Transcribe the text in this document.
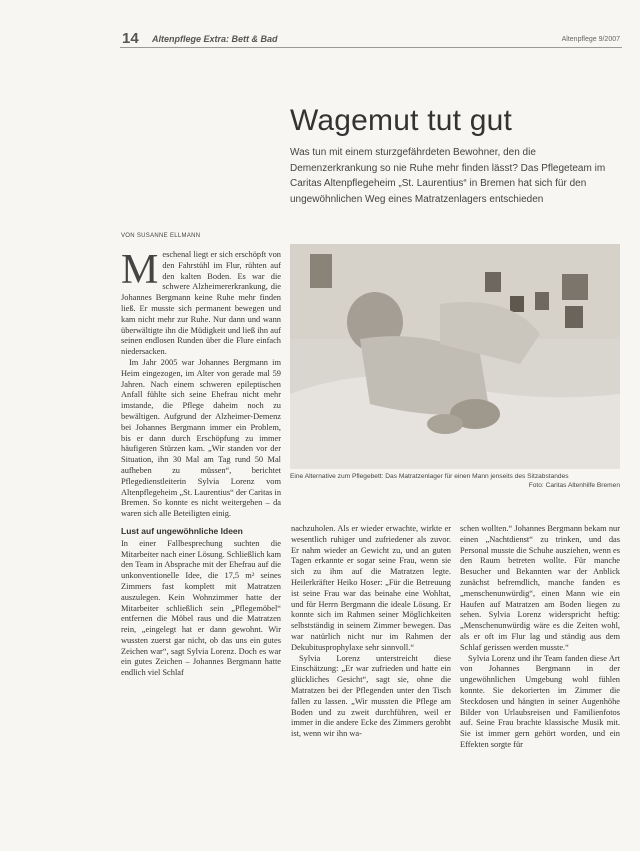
14 Altenpflege Extra: Bett & Bad	Altenpflege 9/2007
Wagemut tut gut
Was tun mit einem sturzgefährdeten Bewohner, den die Demenzerkrankung so nie Ruhe mehr finden lässt? Das Pflegeteam im Caritas Altenpflegeheim „St. Laurentius“ in Bremen hat sich für den ungewöhnlichen Weg eines Matratzenlagers entschieden
VON SUSANNE ELLMANN
M eschenal liegt er sich erschöpft von den Fahrstühl im Flur, rühten auf den kalten Boden. Es war die schwere Alzheimererkrankung, die Johannes Bergmann keine Ruhe mehr finden ließ. Er musste sich permanent bewegen und kam nicht mehr zur Ruhe. Nur dann und wann überwältigte ihn die Müdigkeit und ließ ihn auf seinen endlosen Runden über die Flure einfach niedersacken.

Im Jahr 2005 war Johannes Bergmann im Heim eingezogen, im Alter von gerade mal 59 Jahren. Nach einem schweren epileptischen Anfall fühlte sich seine Ehefrau nicht mehr imstande, die Pflege daheim noch zu bewältigen. Aufgrund der Alzheimer-Demenz bei Johannes Bergmann immer ein Problem, bis er dann durch Erschöpfung zu immer häufigeren Stürzen kam. „Wir standen vor der Situation, ihn 30 Mal am Tag rund 50 Mal aufheben zu müssen“, berichtet Pflegedienstleiterin Sylvia Lorenz vom Altenpflegeheim „St. Laurentius“ der Caritas in Bremen. So konnte es nicht weitergehen – da waren sich alle Beteiligten einig.

Lust auf ungewöhnliche Ideen

In einer Fallbesprechung suchten die Mitarbeiter nach einer Lösung. Schließlich kam den Team in Absprache mit der Ehefrau auf die unkonventionelle Idee, die 17,5 m² seines Zimmers fast komplett mit Matratzen auszulegen. Kein Wohnzimmer hatte der Mitarbeiter schließlich sein „Pflegemöbel“ entfernen die Möbel raus und die Matratzen rein, „eingelegt hat er dann gewohnt. Wir wussten zuerst gar nicht, ob das uns ein gutes Zeichen war“, sagt Sylvia Lorenz. Doch es war ein gutes Zeichen – Johannes Bergmann hatte endlich viel Schlaf

Eine Alternative zum Pflegebett: Das Matratzenlager für einen Mann jenseits des Sitzabstandes
Foto: Caritas Altenhilfe Bremen

nachzuholen. Als er wieder erwachte, wirkte er wesentlich ruhiger und zufriedener als zuvor. Er nahm wieder an Gewicht zu, und an guten Tagen erkannte er sogar seine Frau, wenn sie sich zu ihm auf die Matratzen legte. Heilerkräfter Heiko Hoser: „Für die Betreuung ist seine Frau war das beinahe eine Wohltat, und für Herrn Bergmann die ideale Lösung. Er konnte sich im Rahmen seiner Möglichkeiten selbstständig in seinem Zimmer bewegen. Das war natürlich nicht nur im Rahmen der Dekubitusprophylaxe sehr sinnvoll.“

Sylvia Lorenz unterstreicht diese Einschätzung: „Er war zufrieden und hatte ein glückliches Gesicht“, sagt sie, ohne die Matratzen bei der Pflegenden unter den Tisch fallen zu lassen. „Wir mussten die Pflege am Boden und zu zweit durchführen, weil er immer in die andere Ecke des Zimmers gerobbt ist, wenn wir ihn wa-

schen wollten.“ Johannes Bergmann bekam nur einen „Nachtdienst“ zu trinken, und das Personal musste die Schuhe ausziehen, wenn es den Raum betreten wollte. Für manche Besucher und Bekannten war der Anblick zunächst befremdlich, manche fanden es „menschenunwürdig“, einen Mann wie ein Haufen auf Matratzen am Boden liegen zu sehen. Sylvia Lorenz widerspricht heftig: „Menschenunwürdig wäre es die Zeiten wohl, als er oft im Flur lag und ständig aus dem Schlaf gerissen werden musste.“

Sylvia Lorenz und ihr Team fanden diese Art von Johannes Bergmann in der ungewöhnlichen Umgebung wohl fühlen konnte. Sie dekorierten im Zimmer die Steckdosen und hängten in seiner Augenhöhe Bilder von Urlaubsreisen und Familienfotos auf. Seine Frau brachte klassische Musik mit. Sie ist immer gern gehört worden, und ein Effekten sorgte für
